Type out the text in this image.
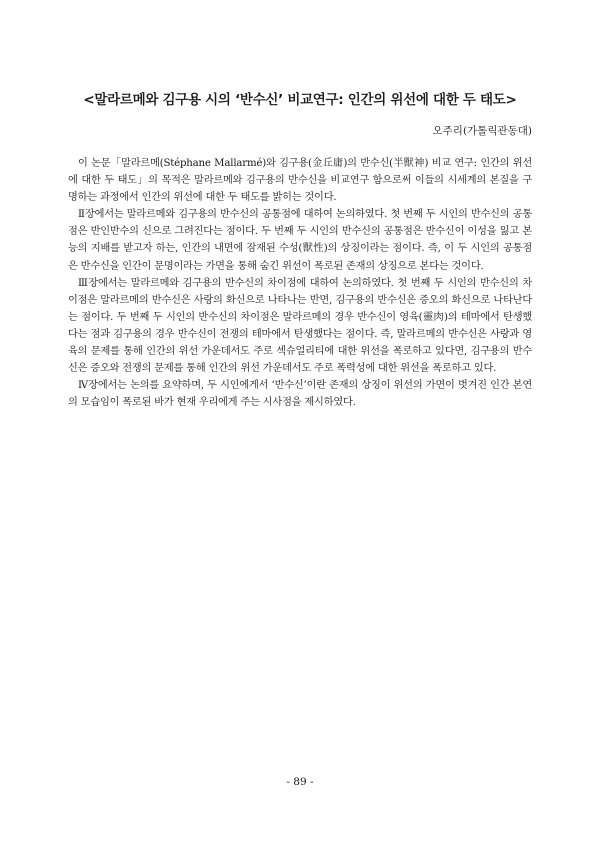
<말라르메와 김구용 시의 ‘반수신’ 비교연구: 인간의 위선에 대한 두 태도>
오주리(가톨릭관동대)

이 논문「말라르메(Stéphane Mallarmé)와 김구용(金丘庸)의 반수신(半獸神) 비교 연구: 인간의 위선에 대한 두 태도」의 목적은 말라르메와 김구용의 반수신을 비교연구 함으로써 이들의 시세계의 본질을 구명하는 과정에서 인간의 위선에 대한 두 태도를 밝히는 것이다.

Ⅱ장에서는 말라르메와 김구용의 반수신의 공통점에 대하여 논의하였다. 첫 번째 두 시인의 반수신의 공통점은 반인반수의 신으로 그려진다는 점이다. 두 번째 두 시인의 반수신의 공통점은 반수신이 이성을 잃고 본능의 지배를 받고자 하는, 인간의 내면에 잠재된 수성(獸性)의 상징이라는 점이다. 즉, 이 두 시인의 공통점은 반수신을 인간이 문명이라는 가면을 통해 숨긴 위선이 폭로된 존재의 상징으로 본다는 것이다.

Ⅲ장에서는 말라르메와 김구용의 반수신의 차이점에 대하여 논의하였다. 첫 번째 두 시인의 반수신의 차이점은 말라르메의 반수신은 사랑의 화신으로 나타나는 반면, 김구용의 반수신은 증오의 화신으로 나타난다는 점이다. 두 번째 두 시인의 반수신의 차이점은 말라르메의 경우 반수신이 영육(靈肉)의 테마에서 탄생했다는 점과 김구용의 경우 반수신이 전쟁의 테마에서 탄생했다는 점이다. 즉, 말라르메의 반수신은 사랑과 영육의 문제를 통해 인간의 위선 가운데서도 주로 섹슈얼리티에 대한 위선을 폭로하고 있다면, 김구용의 반수신은 증오와 전쟁의 문제를 통해 인간의 위선 가운데서도 주로 폭력성에 대한 위선을 폭로하고 있다.

Ⅳ장에서는 논의를 요약하며, 두 시인에게서 ‘반수신’이란 존재의 상징이 위선의 가면이 벗겨진 인간 본연의 모습임이 폭로된 바가 현재 우리에게 주는 시사점을 제시하였다.

- 89 -
